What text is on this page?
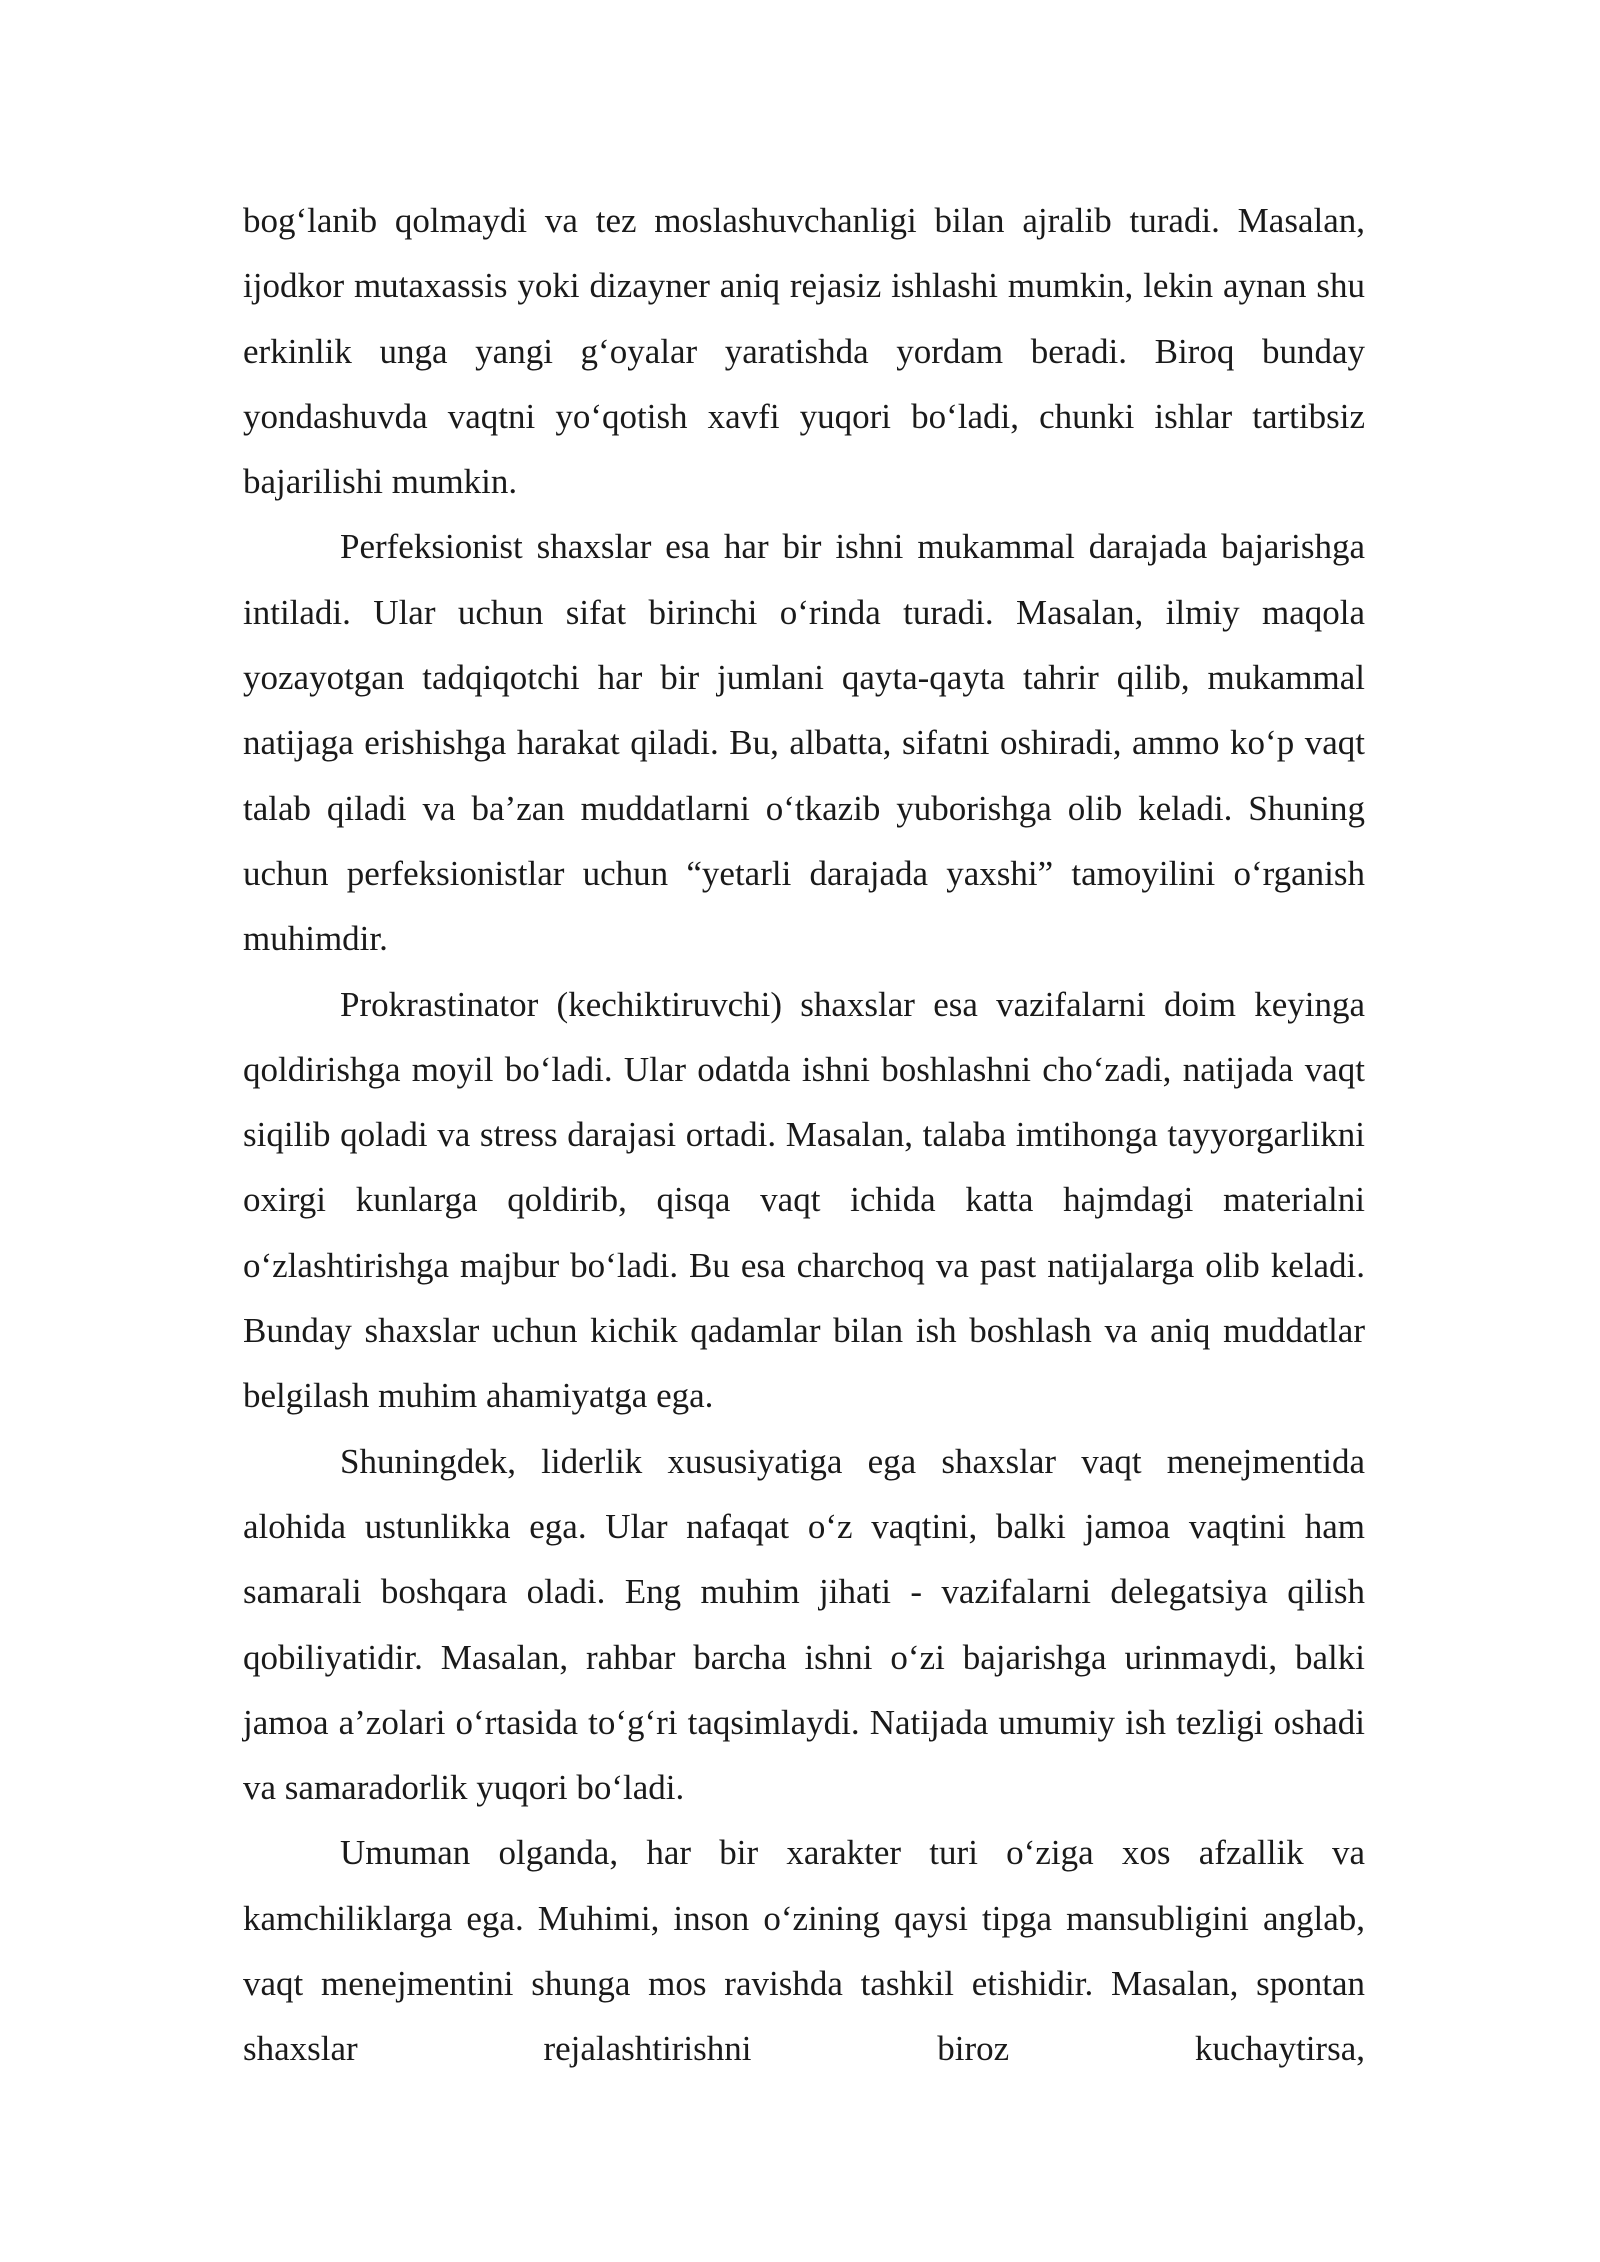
bog‘lanib qolmaydi va tez moslashuvchanligi bilan ajralib turadi. Masalan, ijodkor mutaxassis yoki dizayner aniq rejasiz ishlashi mumkin, lekin aynan shu erkinlik unga yangi g‘oyalar yaratishda yordam beradi. Biroq bunday yondashuvda vaqtni yo‘qotish xavfi yuqori bo‘ladi, chunki ishlar tartibsiz bajarilishi mumkin.

Perfeksionist shaxslar esa har bir ishni mukammal darajada bajarishga intiladi. Ular uchun sifat birinchi o‘rinda turadi. Masalan, ilmiy maqola yozayotgan tadqiqotchi har bir jumlani qayta-qayta tahrir qilib, mukammal natijaga erishishga harakat qiladi. Bu, albatta, sifatni oshiradi, ammo ko‘p vaqt talab qiladi va ba’zan muddatlarni o‘tkazib yuborishga olib keladi. Shuning uchun perfeksionistlar uchun “yetarli darajada yaxshi” tamoyilini o‘rganish muhimdir.

Prokrastinator (kechiktiruvchi) shaxslar esa vazifalarni doim keyinga qoldirishga moyil bo‘ladi. Ular odatda ishni boshlashni cho‘zadi, natijada vaqt siqilib qoladi va stress darajasi ortadi. Masalan, talaba imtihonga tayyorgarlikni oxirgi kunlarga qoldirib, qisqa vaqt ichida katta hajmdagi materialni o‘zlashtirishga majbur bo‘ladi. Bu esa charchoq va past natijalarga olib keladi. Bunday shaxslar uchun kichik qadamlar bilan ish boshlash va aniq muddatlar belgilash muhim ahamiyatga ega.

Shuningdek, liderlik xususiyatiga ega shaxslar vaqt menejmentida alohida ustunlikka ega. Ular nafaqat o‘z vaqtini, balki jamoa vaqtini ham samarali boshqara oladi. Eng muhim jihati - vazifalarni delegatsiya qilish qobiliyatidir. Masalan, rahbar barcha ishni o‘zi bajarishga urinmaydi, balki jamoa a’zolari o‘rtasida to‘g‘ri taqsimlaydi. Natijada umumiy ish tezligi oshadi va samaradorlik yuqori bo‘ladi.

Umuman olganda, har bir xarakter turi o‘ziga xos afzallik va kamchiliklarga ega. Muhimi, inson o‘zining qaysi tipga mansubligini anglab, vaqt menejmentini shunga mos ravishda tashkil etishidir. Masalan, spontan shaxslar rejalashtirishni biroz kuchaytirsa,
